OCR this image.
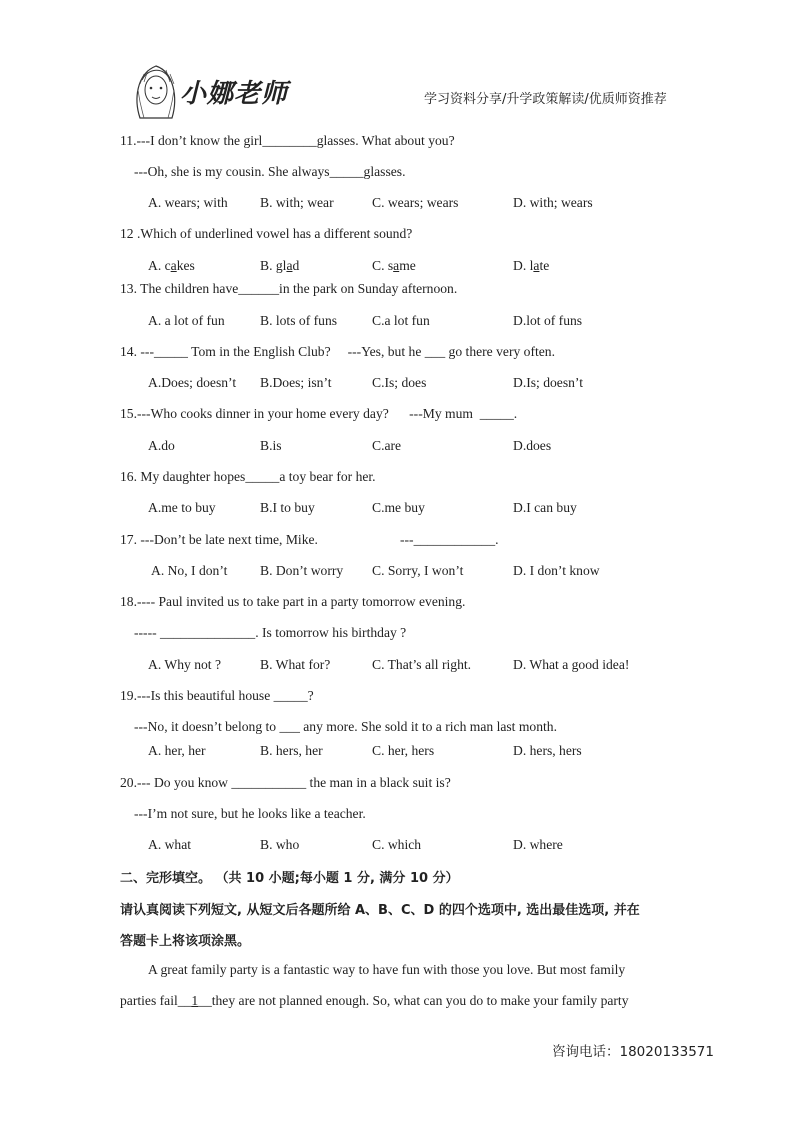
小娜老师	学习资料分享/升学政策解读/优质师资推荐
11.---I don’t know the girl________glasses. What about you?
---Oh, she is my cousin. She always_____glasses.
A. wears; with B. with; wear	C. wears; wears	D. with; wears
12 .Which of underlined vowel has a different sound?
A. cakes	B. glad	C. same	D. late
13. The children have______in the park on Sunday afternoon.
A. a lot of fun	B. lots of funs	C.a lot fun	D.lot of funs
14. ---_____ Tom in the English Club?     ---Yes, but he ___ go there very often.
A.Does; doesn’t B.Does; isn’t	C.Is; does	D.Is; doesn’t
15.---Who cooks dinner in your home every day?      ---My mum  _____.
A.do	B.is	C.are	D.does
16. My daughter hopes_____a toy bear for her.
A.me to buy	B.I to buy	C.me buy	D.I can buy
17. ---Don’t be late next time, Mike.	---____________.
A. No, I don’t B. Don’t worry C. Sorry, I won’t	D. I don’t know
18.---- Paul invited us to take part in a party tomorrow evening.
----- ______________. Is tomorrow his birthday ?
A. Why not ?	B. What for?	C. That’s all right.	D. What a good idea!
19.---Is this beautiful house _____?
---No, it doesn’t belong to ___ any more. She sold it to a rich man last month.
A. her, her	B. hers, her	C. her, hers	D. hers, hers
20.--- Do you know ___________ the man in a black suit is?
---I’m not sure, but he looks like a teacher.
A. what	B. who	C. which	D. where
二、完形填空。 （共 10 小题;每小题 1 分, 满分 10 分）
请认真阅读下列短文, 从短文后各题所给 A、B、C、D 的四个选项中, 选出最佳选项, 并在
答题卡上将该项涂黑。
A great family party is a fantastic way to have fun with those you love. But most family
parties fail__1__they are not planned enough. So, what can you do to make your family party
咨询电话：18020133571
